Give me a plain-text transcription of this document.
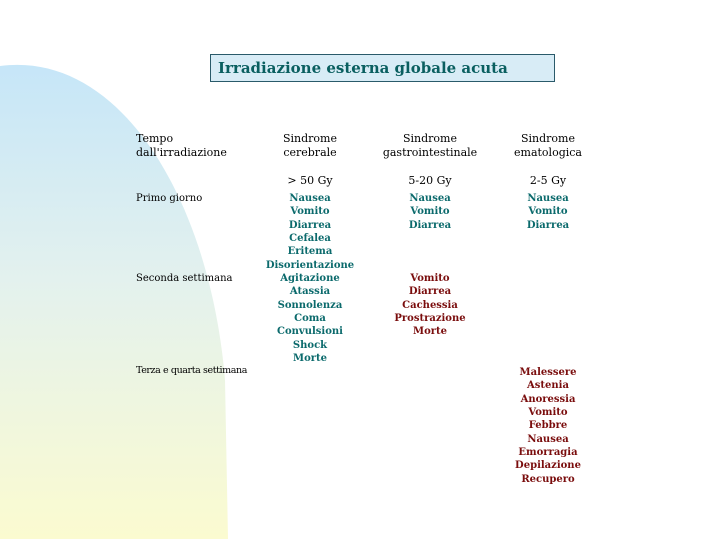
Irradiazione esterna globale acuta
Tempo
dall'irradiazione
Sindrome
cerebrale
Sindrome
gastrointestinale
Sindrome
ematologica
> 50 Gy	5-20 Gy	2-5 Gy
Primo giorno
Seconda settimana
Terza e quarta settimana
Nausea
Vomito
Diarrea
Cefalea
Eritema
Disorientazione
Agitazione
Atassia
Sonnolenza
Coma
Convulsioni
Shock
Morte
Nausea
Vomito
Diarrea
Vomito
Diarrea
Cachessia
Prostrazione
Morte
Nausea
Vomito
Diarrea
Malessere
Astenia
Anoressia
Vomito
Febbre
Nausea
Emorragia
Depilazione
Recupero
